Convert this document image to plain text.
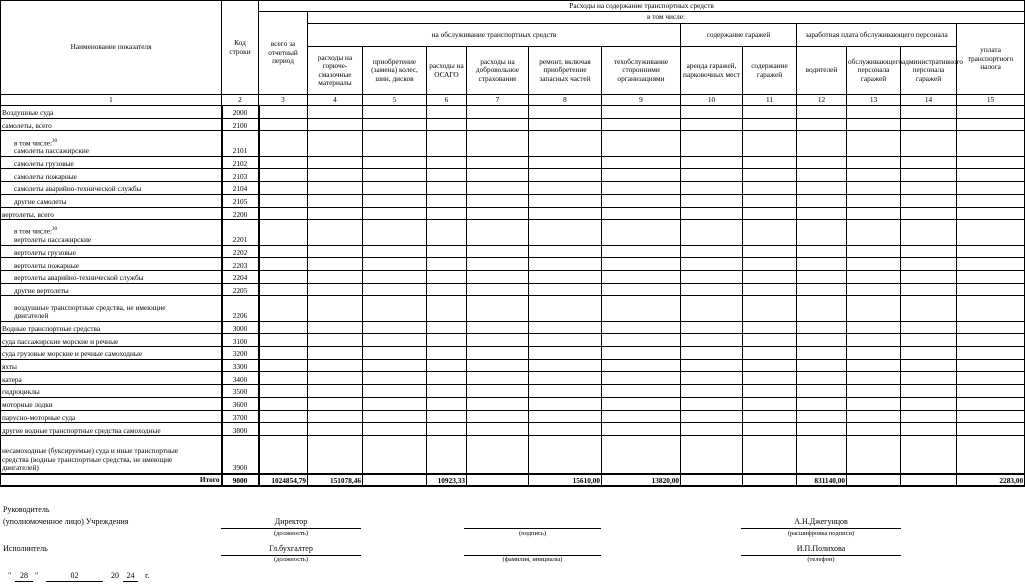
Наименование показателя	Код строки	Расходы на содержание транспортных средств												
		всего за отчетный период	в том числе:											
			на обслуживание транспортных средств						содержание гаражей		заработная плата обслуживающего персонала			уплата транспортного налога
			расходы на горюче-смазочные материалы	приобретение (замена) колес, шин, дисков	расходы на ОСАГО	расходы на добровольное страхование	ремонт, включая приобретение запасных частей	техобслуживание сторонними организациями	аренда гаражей, парковочных мест	содержание гаражей	водителей	обслуживающего персонала гаражей	административного персонала гаражей	
1	2	3	4	5	6	7	8	9	10	11	12	13	14	15

Воздушные суда	2000													

самолеты, всего	2100													

в том числе:$^{30}$
самолеты пассажирские	2101													

самолеты грузовые	2102													

самолеты пожарные	2103													

самолеты аварийно-технической службы	2104													

другие самолеты	2105													

вертолеты, всего	2200													

в том числе:$^{30}$
вертолеты пассажирские	2201													

вертолеты грузовые	2202													

вертолеты пожарные	2203													

вертолеты аварийно-технической службы	2204													

другие вертолеты	2205													

воздушные транспортные средства, не имеющие
двигателей	2206													

Водные транспортные средства	3000													

суда пассажирские морские и речные	3100													

суда грузовые морские и речные самоходные	3200													

яхты	3300													

катера	3400													

гидроциклы	3500													

моторные лодки	3600													

парусно-моторные суда	3700													

другие водные транспортные средства самоходные	3800													

несамоходные (буксируемые) суда и иные транспортные
средства (водные транспортные средства, не имеющие
двигателей)	3900													
Итого	9000	1024854,79	151078,46		10923,33		15610,00	13820,00			831140,00			2283,00
Руководитель
(уполномоченное лицо) Учреждения	Директор
(должность)	(подпись)
А.Н.Джегунцов
(расшифровка подписи)
Исполнитель	Гл.бухгалтер
(должность)	(фамилия, инициалы)
И.П.Полихова
(телефон)
"	28 "	02	20 24	г.
